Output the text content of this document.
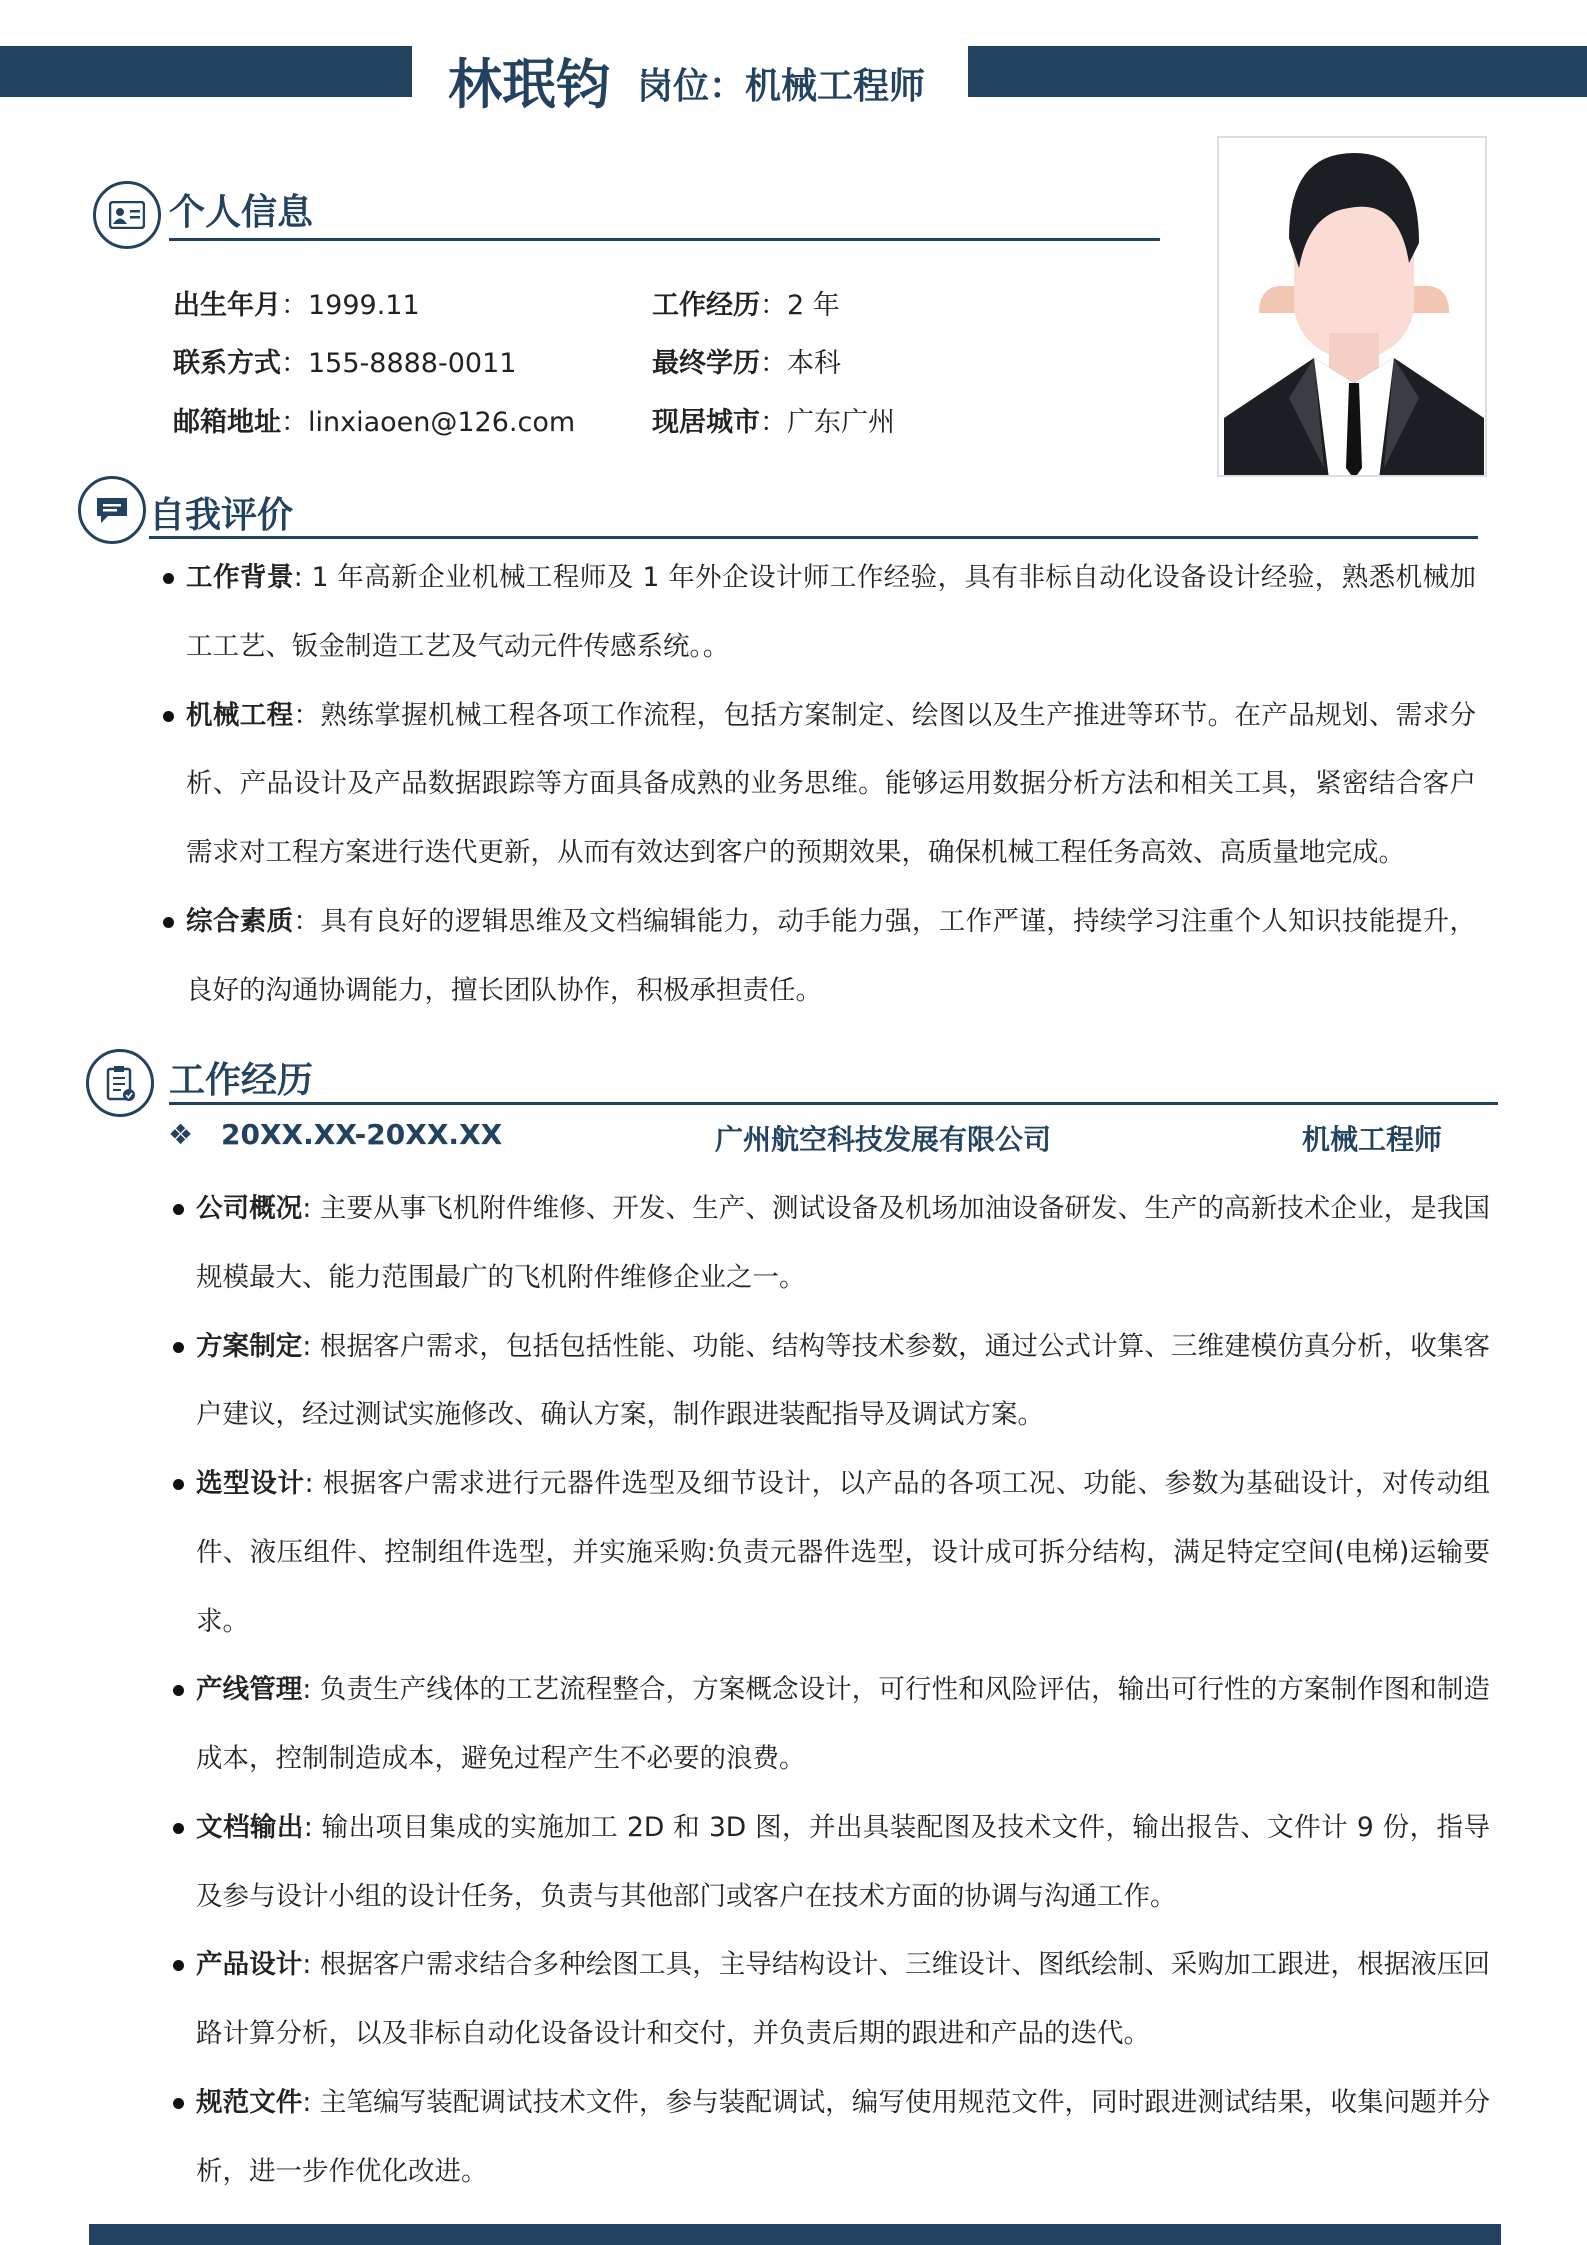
林珉钧 岗位：机械工程师
个人信息
出生年月：1999.11	工作经历：2 年
联系方式：155-8888-0011	最终学历：本科
邮箱地址：linxiaoen@126.com	现居城市：广东广州
自我评价
工作背景: 1 年高新企业机械工程师及 1 年外企设计师工作经验，具有非标自动化设备设计经验，熟悉机械加工工艺、钣金制造工艺及气动元件传感系统。。
机械工程：熟练掌握机械工程各项工作流程，包括方案制定、绘图以及生产推进等环节。在产品规划、需求分析、产品设计及产品数据跟踪等方面具备成熟的业务思维。能够运用数据分析方法和相关工具，紧密结合客户需求对工程方案进行迭代更新，从而有效达到客户的预期效果，确保机械工程任务高效、高质量地完成。
综合素质：具有良好的逻辑思维及文档编辑能力，动手能力强，工作严谨，持续学习注重个人知识技能提升，良好的沟通协调能力，擅长团队协作，积极承担责任。
工作经历
❖ 20XX.XX-20XX.XX	广州航空科技发展有限公司	机械工程师
公司概况: 主要从事飞机附件维修、开发、生产、测试设备及机场加油设备研发、生产的高新技术企业，是我国规模最大、能力范围最广的飞机附件维修企业之一。
方案制定: 根据客户需求，包括包括性能、功能、结构等技术参数，通过公式计算、三维建模仿真分析，收集客户建议，经过测试实施修改、确认方案，制作跟进装配指导及调试方案。
选型设计: 根据客户需求进行元器件选型及细节设计，以产品的各项工况、功能、参数为基础设计，对传动组件、液压组件、控制组件选型，并实施采购:负责元器件选型，设计成可拆分结构，满足特定空间(电梯)运输要求。
产线管理: 负责生产线体的工艺流程整合，方案概念设计，可行性和风险评估，输出可行性的方案制作图和制造成本，控制制造成本，避免过程产生不必要的浪费。
文档输出: 输出项目集成的实施加工 2D 和 3D 图，并出具装配图及技术文件，输出报告、文件计 9 份，指导及参与设计小组的设计任务，负责与其他部门或客户在技术方面的协调与沟通工作。
产品设计: 根据客户需求结合多种绘图工具，主导结构设计、三维设计、图纸绘制、采购加工跟进，根据液压回路计算分析，以及非标自动化设备设计和交付，并负责后期的跟进和产品的迭代。
规范文件: 主笔编写装配调试技术文件，参与装配调试，编写使用规范文件，同时跟进测试结果，收集问题并分析，进一步作优化改进。
